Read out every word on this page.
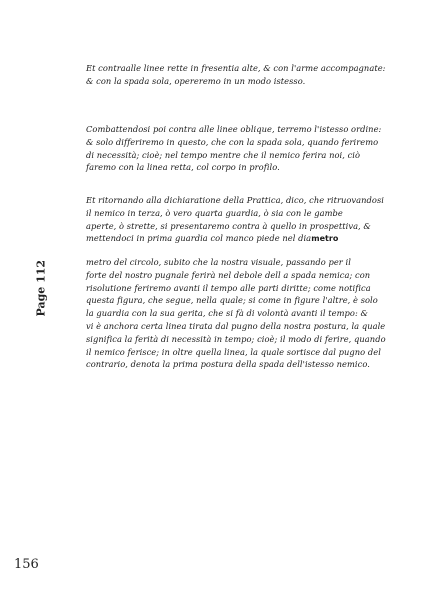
Et contraalle linee rette in fresentia alte, & con l'arme accompagnate:
& con la spada sola, opereremo in un modo istesso.
Combattendosi poi contra alle linee oblique, terremo l'istesso ordine:
& solo differiremo in questo, che con la spada sola, quando feriremo
di necessità; cioè; nel tempo mentre che il nemico ferira noi, ciò
faremo con la linea retta, col corpo in profilo.
Et ritornando alla dichiaratione della Prattica, dico, che ritruovandosi
il nemico in terza, ò vero quarta guardia, ò sia con le gambe
aperte, ò strette, si presentaremo contra à quello in prospettiva, &
mettendoci in prima guardia col manco piede nel diametro
metro del circolo, subito che la nostra visuale, passando per il
forte del nostro pugnale ferirà nel debole dell a spada nemica; con
risolutione feriremo avanti il tempo alle parti diritte; come notifica
questa figura, che segue, nella quale; si come in figure l'altre, è solo
la guardia con la sua gerita, che si fà di volontà avanti il tempo: &
vi è anchora certa linea tirata dal pugno della nostra postura, la quale
significa la ferità di necessità in tempo; cioè; il modo di ferire, quando
il nemico ferisce; in oltre quella linea, la quale sortisce dal pugno del
contrario, denota la prima postura della spada dell'istesso nemico.
Page 112
156
